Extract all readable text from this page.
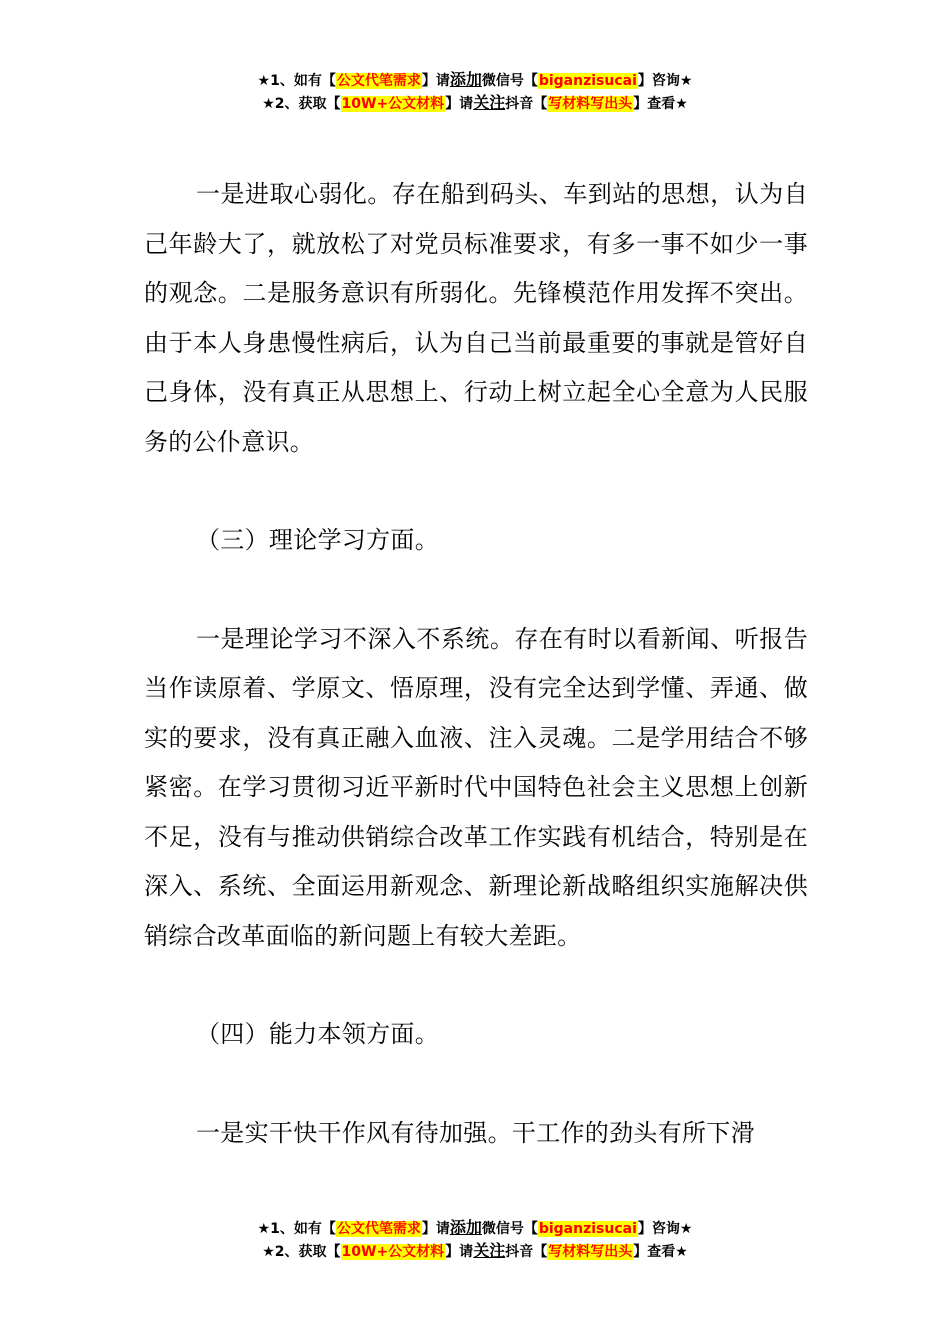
★1、如有【公文代笔需求】请添加微信号【biganzisucai】咨询★
★2、获取【10W+公文材料】请关注抖音【写材料写出头】查看★

一是进取心弱化。存在船到码头、车到站的思想，认为自己年龄大了，就放松了对党员标准要求，有多一事不如少一事的观念。二是服务意识有所弱化。先锋模范作用发挥不突出。由于本人身患慢性病后，认为自己当前最重要的事就是管好自己身体，没有真正从思想上、行动上树立起全心全意为人民服务的公仆意识。

（三）理论学习方面。

一是理论学习不深入不系统。存在有时以看新闻、听报告当作读原着、学原文、悟原理，没有完全达到学懂、弄通、做实的要求，没有真正融入血液、注入灵魂。二是学用结合不够紧密。在学习贯彻习近平新时代中国特色社会主义思想上创新不足，没有与推动供销综合改革工作实践有机结合，特别是在深入、系统、全面运用新观念、新理论新战略组织实施解决供销综合改革面临的新问题上有较大差距。

（四）能力本领方面。

一是实干快干作风有待加强。干工作的劲头有所下滑

★1、如有【公文代笔需求】请添加微信号【biganzisucai】咨询★
★2、获取【10W+公文材料】请关注抖音【写材料写出头】查看★
